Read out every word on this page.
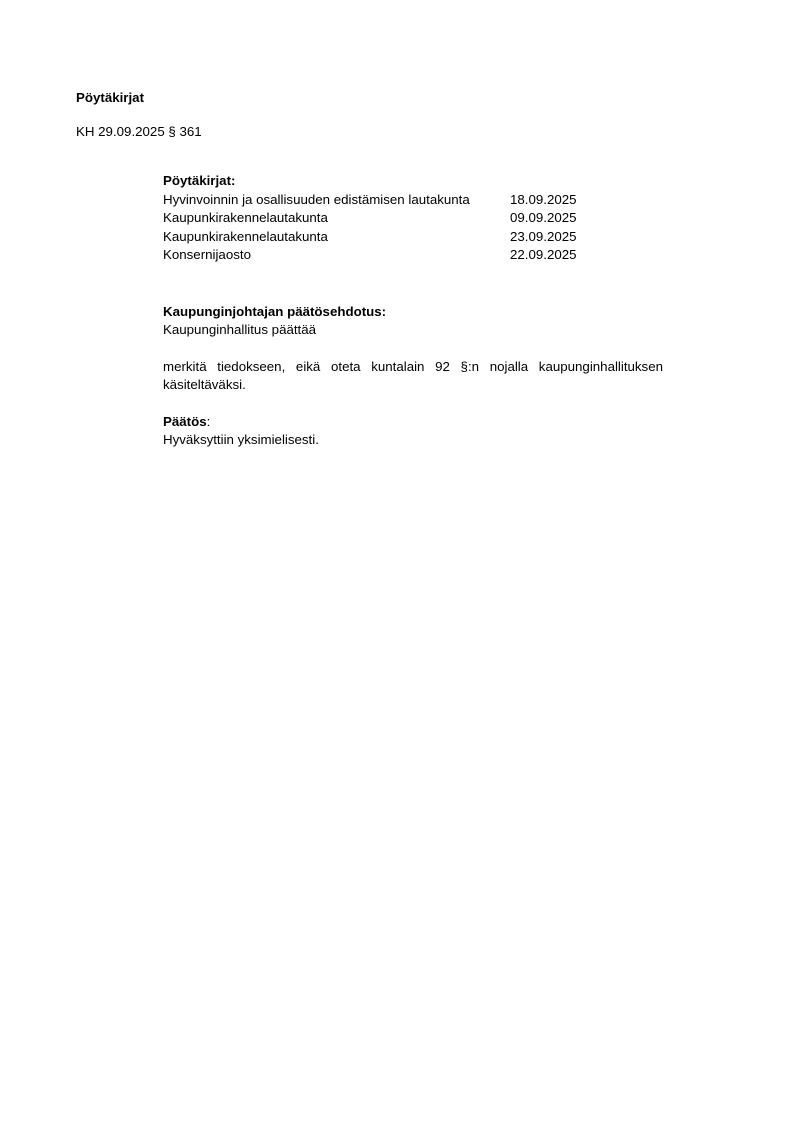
Pöytäkirjat

KH 29.09.2025 § 361

Pöytäkirjat:

Hyvinvoinnin ja osallisuuden edistämisen lautakunta	18.09.2025
Kaupunkirakennelautakunta	09.09.2025
Kaupunkirakennelautakunta	23.09.2025
Konsernijaosto	22.09.2025

Kaupunginjohtajan päätösehdotus:

Kaupunginhallitus päättää

merkitä tiedokseen, eikä oteta kuntalain 92 §:n nojalla kaupunginhallituksen käsiteltäväksi.

Päätös:

Hyväksyttiin yksimielisesti.
